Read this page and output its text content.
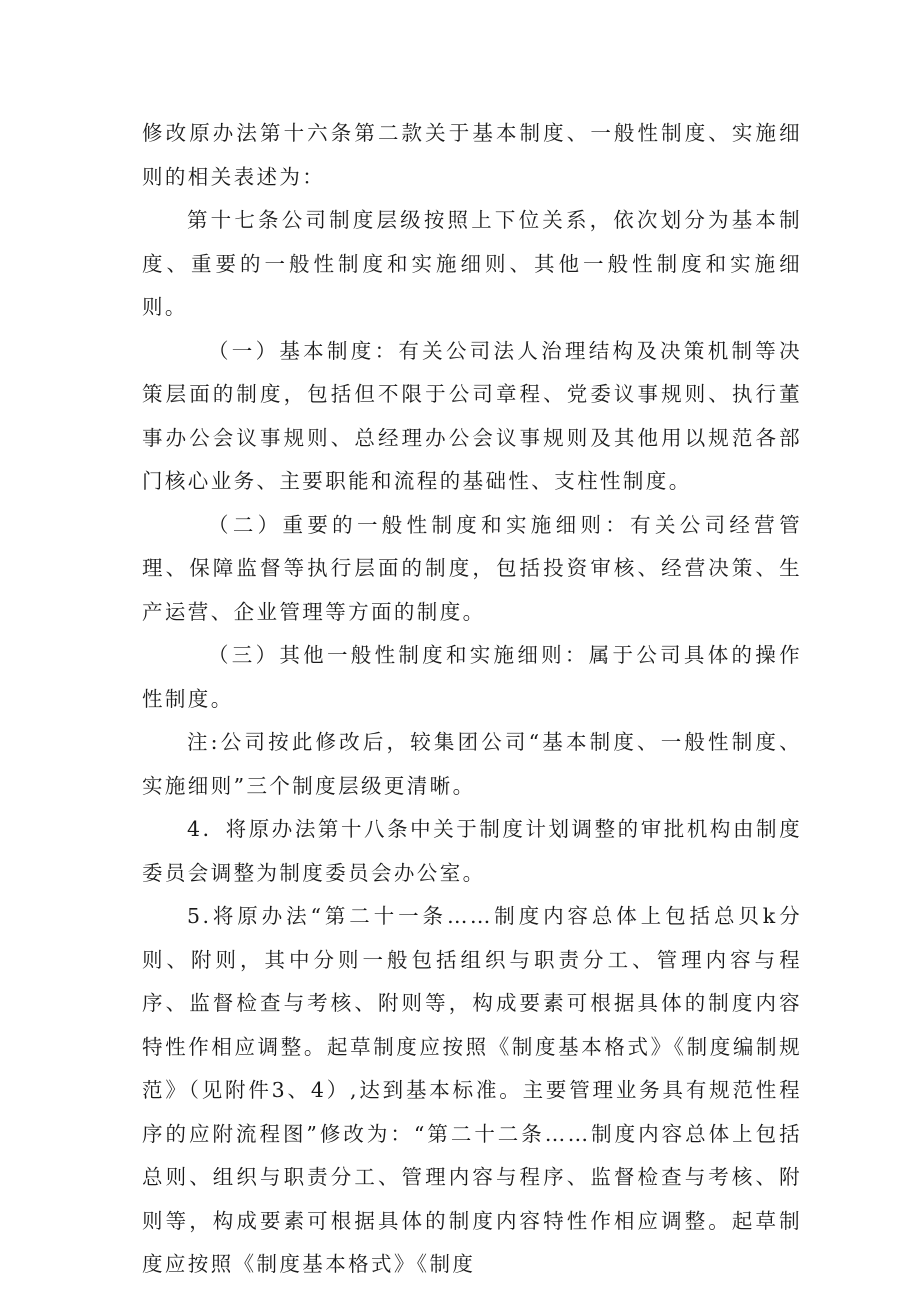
修改原办法第十六条第二款关于基本制度、一般性制度、实施细则的相关表述为：

第十七条公司制度层级按照上下位关系，依次划分为基本制度、重要的一般性制度和实施细则、其他一般性制度和实施细则。

（一）基本制度：有关公司法人治理结构及决策机制等决策层面的制度，包括但不限于公司章程、党委议事规则、执行董事办公会议事规则、总经理办公会议事规则及其他用以规范各部门核心业务、主要职能和流程的基础性、支柱性制度。

（二）重要的一般性制度和实施细则：有关公司经营管理、保障监督等执行层面的制度，包括投资审核、经营决策、生产运营、企业管理等方面的制度。

（三）其他一般性制度和实施细则：属于公司具体的操作性制度。

注:公司按此修改后，较集团公司“基本制度、一般性制度、实施细则”三个制度层级更清晰。

4．将原办法第十八条中关于制度计划调整的审批机构由制度委员会调整为制度委员会办公室。

5.将原办法“第二十一条……制度内容总体上包括总贝k分则、附则，其中分则一般包括组织与职责分工、管理内容与程序、监督检查与考核、附则等，构成要素可根据具体的制度内容特性作相应调整。起草制度应按照《制度基本格式》《制度编制规范》（见附件3、4）,达到基本标准。主要管理业务具有规范性程序的应附流程图”修改为：“第二十二条……制度内容总体上包括总则、组织与职责分工、管理内容与程序、监督检查与考核、附则等，构成要素可根据具体的制度内容特性作相应调整。起草制度应按照《制度基本格式》《制度
